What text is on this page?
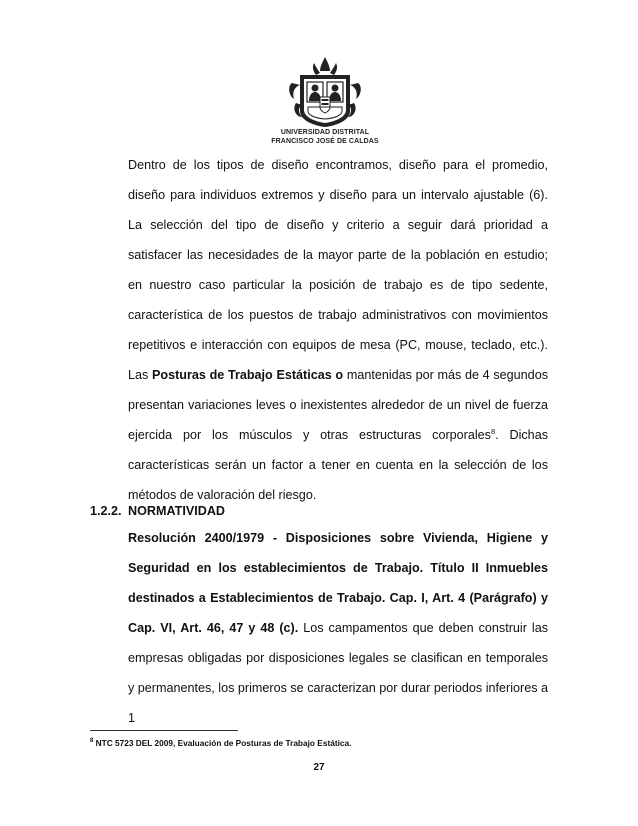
UNIVERSIDAD DISTRITAL
FRANCISCO JOSÉ DE CALDAS

Dentro de los tipos de diseño encontramos, diseño para el promedio, diseño para individuos extremos y diseño para un intervalo ajustable (6). La selección del tipo de diseño y criterio a seguir dará prioridad a satisfacer las necesidades de la mayor parte de la población en estudio; en nuestro caso particular la posición de trabajo es de tipo sedente, característica de los puestos de trabajo administrativos con movimientos repetitivos e interacción con equipos de mesa (PC, mouse, teclado, etc.). Las Posturas de Trabajo Estáticas o mantenidas por más de 4 segundos presentan variaciones leves o inexistentes alrededor de un nivel de fuerza ejercida por los músculos y otras estructuras corporales$^8$. Dichas características serán un factor a tener en cuenta en la selección de los métodos de valoración del riesgo.

1.2.2. NORMATIVIDAD

Resolución 2400/1979 - Disposiciones sobre Vivienda, Higiene y Seguridad en los establecimientos de Trabajo. Título II Inmuebles destinados a Establecimientos de Trabajo. Cap. I, Art. 4 (Parágrafo) y Cap. VI, Art. 46, 47 y 48 (c). Los campamentos que deben construir las empresas obligadas por disposiciones legales se clasifican en temporales y permanentes, los primeros se caracterizan por durar periodos inferiores a 1

$^8$ NTC 5723 DEL 2009, Evaluación de Posturas de Trabajo Estática.
27
